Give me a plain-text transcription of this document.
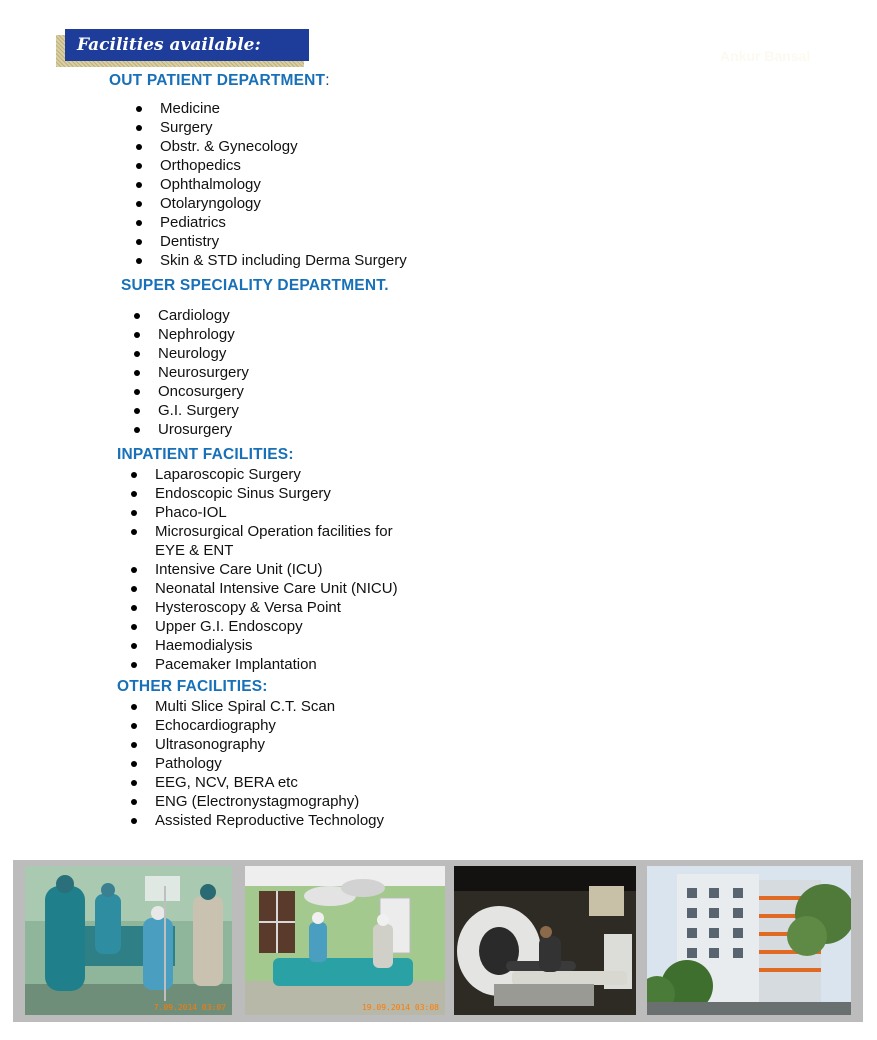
Facilities available:
Ankur Bansal

OUT PATIENT DEPARTMENT:

Medicine
Surgery
Obstr. & Gynecology
Orthopedics
Ophthalmology
Otolaryngology
Pediatrics
Dentistry
Skin & STD including Derma Surgery

SUPER SPECIALITY DEPARTMENT.

Cardiology
Nephrology
Neurology
Neurosurgery
Oncosurgery
G.I. Surgery
Urosurgery

INPATIENT FACILITIES:

Laparoscopic Surgery
Endoscopic Sinus Surgery
Phaco-IOL
Microsurgical Operation facilities for
EYE & ENT
Intensive Care Unit (ICU)
Neonatal Intensive Care Unit (NICU)
Hysteroscopy & Versa Point
Upper G.I. Endoscopy
Haemodialysis
Pacemaker Implantation

OTHER FACILITIES:

Multi Slice Spiral C.T. Scan
Echocardiography
Ultrasonography
Pathology
EEG, NCV, BERA etc
ENG (Electronystagmography)
Assisted Reproductive Technology
7.09.2014 03:07	19.09.2014 03:08
